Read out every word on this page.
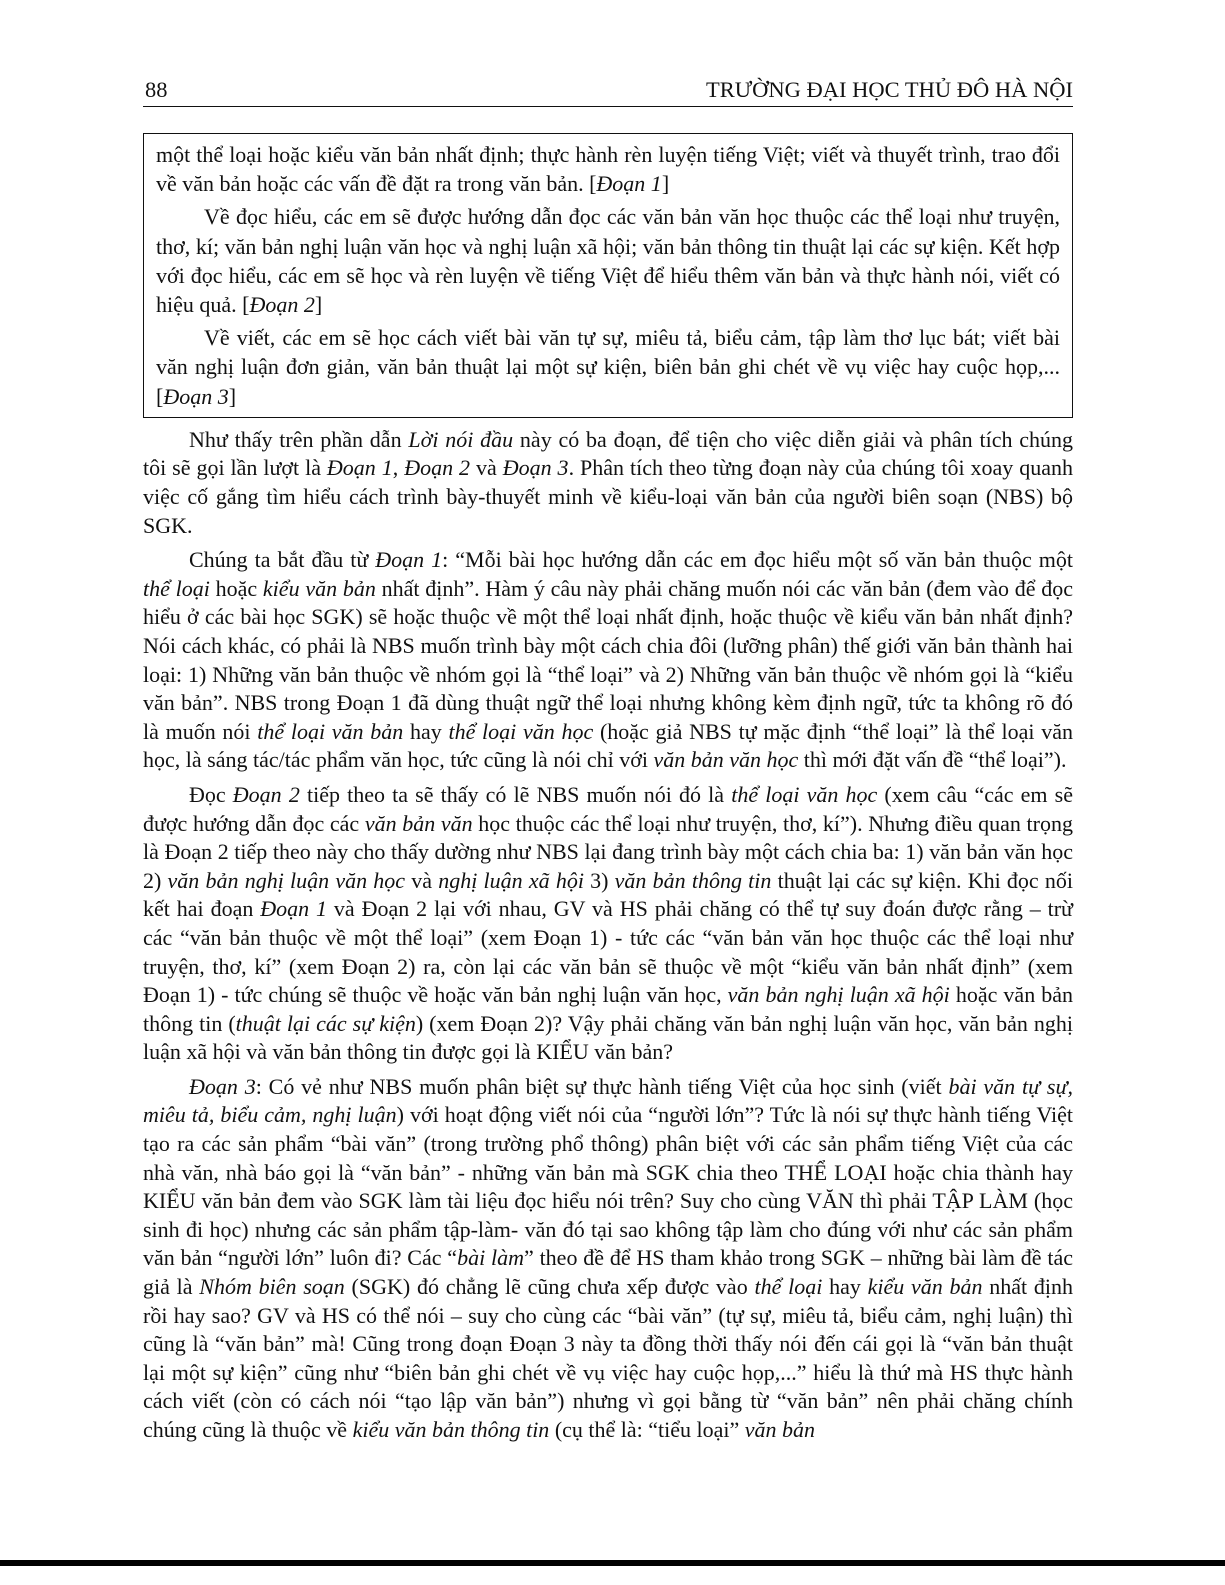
88	TRƯỜNG ĐẠI HỌC THỦ ĐÔ HÀ NỘI

một thể loại hoặc kiểu văn bản nhất định; thực hành rèn luyện tiếng Việt; viết và thuyết trình, trao đổi về văn bản hoặc các vấn đề đặt ra trong văn bản. [Đoạn 1]

Về đọc hiểu, các em sẽ được hướng dẫn đọc các văn bản văn học thuộc các thể loại như truyện, thơ, kí; văn bản nghị luận văn học và nghị luận xã hội; văn bản thông tin thuật lại các sự kiện. Kết hợp với đọc hiểu, các em sẽ học và rèn luyện về tiếng Việt để hiểu thêm văn bản và thực hành nói, viết có hiệu quả. [Đoạn 2]

Về viết, các em sẽ học cách viết bài văn tự sự, miêu tả, biểu cảm, tập làm thơ lục bát; viết bài văn nghị luận đơn giản, văn bản thuật lại một sự kiện, biên bản ghi chét về vụ việc hay cuộc họp,... [Đoạn 3]

Như thấy trên phần dẫn Lời nói đầu này có ba đoạn, để tiện cho việc diễn giải và phân tích chúng tôi sẽ gọi lần lượt là Đoạn 1, Đoạn 2 và Đoạn 3. Phân tích theo từng đoạn này của chúng tôi xoay quanh việc cố gắng tìm hiểu cách trình bày-thuyết minh về kiểu-loại văn bản của người biên soạn (NBS) bộ SGK.

Chúng ta bắt đầu từ Đoạn 1: “Mỗi bài học hướng dẫn các em đọc hiểu một số văn bản thuộc một thể loại hoặc kiểu văn bản nhất định”. Hàm ý câu này phải chăng muốn nói các văn bản (đem vào để đọc hiểu ở các bài học SGK) sẽ hoặc thuộc về một thể loại nhất định, hoặc thuộc về kiểu văn bản nhất định? Nói cách khác, có phải là NBS muốn trình bày một cách chia đôi (lưỡng phân) thế giới văn bản thành hai loại: 1) Những văn bản thuộc về nhóm gọi là “thể loại” và 2) Những văn bản thuộc về nhóm gọi là “kiểu văn bản”. NBS trong Đoạn 1 đã dùng thuật ngữ thể loại nhưng không kèm định ngữ, tức ta không rõ đó là muốn nói thể loại văn bản hay thể loại văn học (hoặc giả NBS tự mặc định “thể loại” là thể loại văn học, là sáng tác/tác phẩm văn học, tức cũng là nói chỉ với văn bản văn học thì mới đặt vấn đề “thể loại”).

Đọc Đoạn 2 tiếp theo ta sẽ thấy có lẽ NBS muốn nói đó là thể loại văn học (xem câu “các em sẽ được hướng dẫn đọc các văn bản văn học thuộc các thể loại như truyện, thơ, kí”). Nhưng điều quan trọng là Đoạn 2 tiếp theo này cho thấy dường như NBS lại đang trình bày một cách chia ba: 1) văn bản văn học 2) văn bản nghị luận văn học và nghị luận xã hội 3) văn bản thông tin thuật lại các sự kiện. Khi đọc nối kết hai đoạn Đoạn 1 và Đoạn 2 lại với nhau, GV và HS phải chăng có thể tự suy đoán được rằng – trừ các “văn bản thuộc về một thể loại” (xem Đoạn 1) - tức các “văn bản văn học thuộc các thể loại như truyện, thơ, kí” (xem Đoạn 2) ra, còn lại các văn bản sẽ thuộc về một “kiểu văn bản nhất định” (xem Đoạn 1) - tức chúng sẽ thuộc về hoặc văn bản nghị luận văn học, văn bản nghị luận xã hội hoặc văn bản thông tin (thuật lại các sự kiện) (xem Đoạn 2)? Vậy phải chăng văn bản nghị luận văn học, văn bản nghị luận xã hội và văn bản thông tin được gọi là KIỂU văn bản?

Đoạn 3: Có vẻ như NBS muốn phân biệt sự thực hành tiếng Việt của học sinh (viết bài văn tự sự, miêu tả, biểu cảm, nghị luận) với hoạt động viết nói của “người lớn”? Tức là nói sự thực hành tiếng Việt tạo ra các sản phẩm “bài văn” (trong trường phổ thông) phân biệt với các sản phẩm tiếng Việt của các nhà văn, nhà báo gọi là “văn bản” - những văn bản mà SGK chia theo THỂ LOẠI hoặc chia thành hay KIỂU văn bản đem vào SGK làm tài liệu đọc hiểu nói trên? Suy cho cùng VĂN thì phải TẬP LÀM (học sinh đi học) nhưng các sản phẩm tập-làm- văn đó tại sao không tập làm cho đúng với như các sản phẩm văn bản “người lớn” luôn đi? Các “bài làm” theo đề để HS tham khảo trong SGK – những bài làm đề tác giả là Nhóm biên soạn (SGK) đó chẳng lẽ cũng chưa xếp được vào thể loại hay kiểu văn bản nhất định rồi hay sao? GV và HS có thể nói – suy cho cùng các “bài văn” (tự sự, miêu tả, biểu cảm, nghị luận) thì cũng là “văn bản” mà! Cũng trong đoạn Đoạn 3 này ta đồng thời thấy nói đến cái gọi là “văn bản thuật lại một sự kiện” cũng như “biên bản ghi chét về vụ việc hay cuộc họp,...” hiểu là thứ mà HS thực hành cách viết (còn có cách nói “tạo lập văn bản”) nhưng vì gọi bằng từ “văn bản” nên phải chăng chính chúng cũng là thuộc về kiểu văn bản thông tin (cụ thể là: “tiểu loại” văn bản
